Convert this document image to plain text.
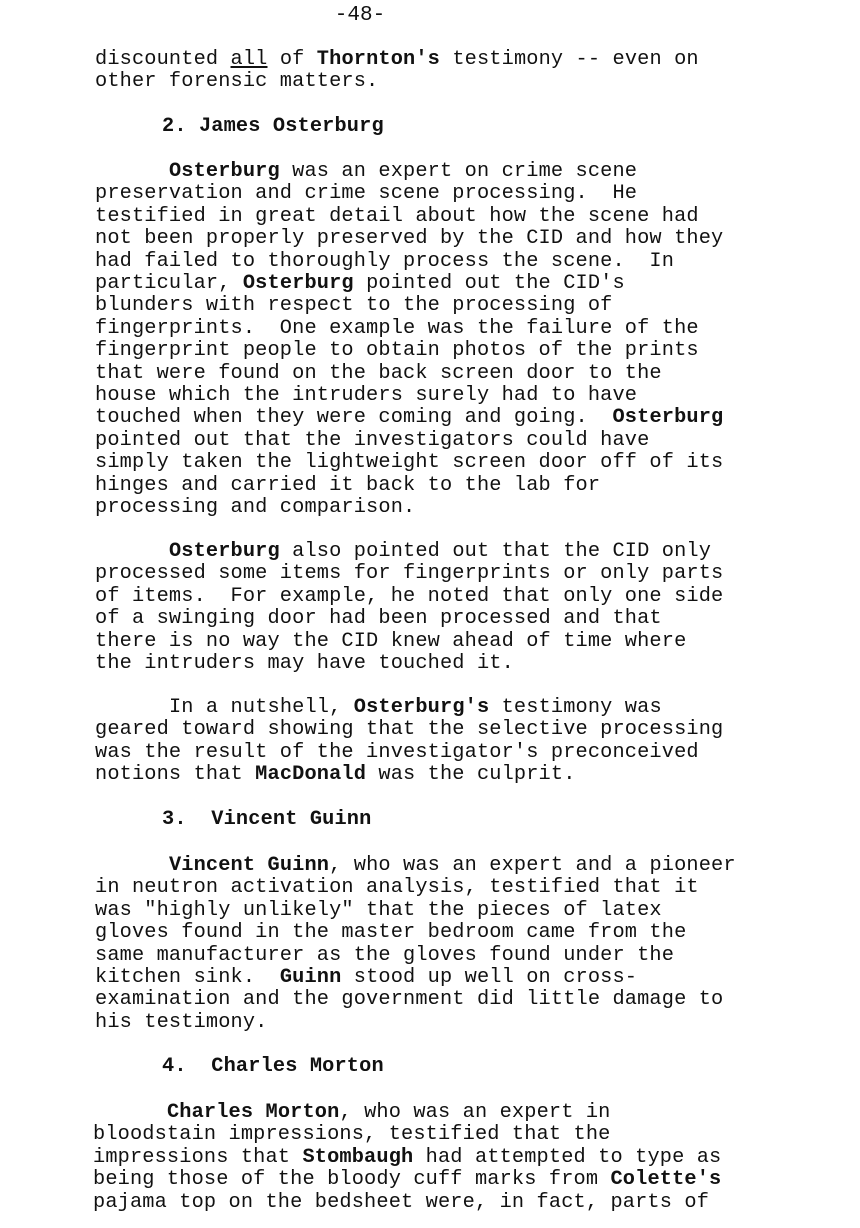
-48-
discounted all of Thornton's testimony -- even on
other forensic matters.
2. James Osterburg
Osterburg was an expert on crime scene
preservation and crime scene processing.  He
testified in great detail about how the scene had
not been properly preserved by the CID and how they
had failed to thoroughly process the scene.  In
particular, Osterburg pointed out the CID's
blunders with respect to the processing of
fingerprints.  One example was the failure of the
fingerprint people to obtain photos of the prints
that were found on the back screen door to the
house which the intruders surely had to have
touched when they were coming and going.  Osterburg
pointed out that the investigators could have
simply taken the lightweight screen door off of its
hinges and carried it back to the lab for
processing and comparison.
Osterburg also pointed out that the CID only
processed some items for fingerprints or only parts
of items.  For example, he noted that only one side
of a swinging door had been processed and that
there is no way the CID knew ahead of time where
the intruders may have touched it.
In a nutshell, Osterburg's testimony was
geared toward showing that the selective processing
was the result of the investigator's preconceived
notions that MacDonald was the culprit.
3.  Vincent Guinn
Vincent Guinn, who was an expert and a pioneer
in neutron activation analysis, testified that it
was "highly unlikely" that the pieces of latex
gloves found in the master bedroom came from the
same manufacturer as the gloves found under the
kitchen sink.  Guinn stood up well on cross-
examination and the government did little damage to
his testimony.
4.  Charles Morton
Charles Morton, who was an expert in
bloodstain impressions, testified that the
impressions that Stombaugh had attempted to type as
being those of the bloody cuff marks from Colette's
pajama top on the bedsheet were, in fact, parts of
